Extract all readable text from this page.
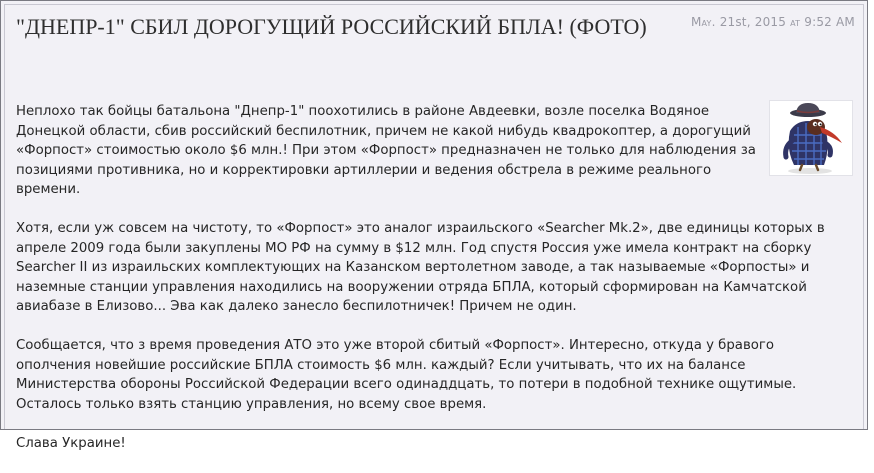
"ДНЕПР-1" СБИЛ ДОРОГУЩИЙ РОССИЙСКИЙ БПЛА! (ФОТО)	May. 21st, 2015 at 9:52 AM

Неплохо так бойцы батальона "Днепр-1" поохотились в районе Авдеевки, возле поселка Водяное Донецкой области, сбив российский беспилотник, причем не какой нибудь квадрокоптер, а дорогущий «Форпост» стоимостью около $6 млн.! При этом «Форпост» предназначен не только для наблюдения за позициями противника, но и корректировки артиллерии и ведения обстрела в режиме реального времени.

Хотя, если уж совсем на чистоту, то «Форпост» это аналог израильского «Searcher Mk.2», две единицы которых в апреле 2009 года были закуплены МО РФ на сумму в $12 млн. Год спустя Россия уже имела контракт на сборку Searcher II из израильских комплектующих на Казанском вертолетном заводе, а так называемые «Форпосты» и наземные станции управления находились на вооружении отряда БПЛА, который сформирован на Камчатской авиабазе в Елизово... Эва как далеко занесло беспилотничек! Причем не один.

Сообщается, что з время проведения АТО это уже второй сбитый «Форпост». Интересно, откуда у бравого ополчения новейшие российские БПЛА стоимость $6 млн. каждый? Если учитывать, что их на балансе Министерства обороны Российской Федерации всего одинаддцать, то потери в подобной технике ощутимые. Осталось только взять станцию управления, но всему свое время.

Слава Украине!
